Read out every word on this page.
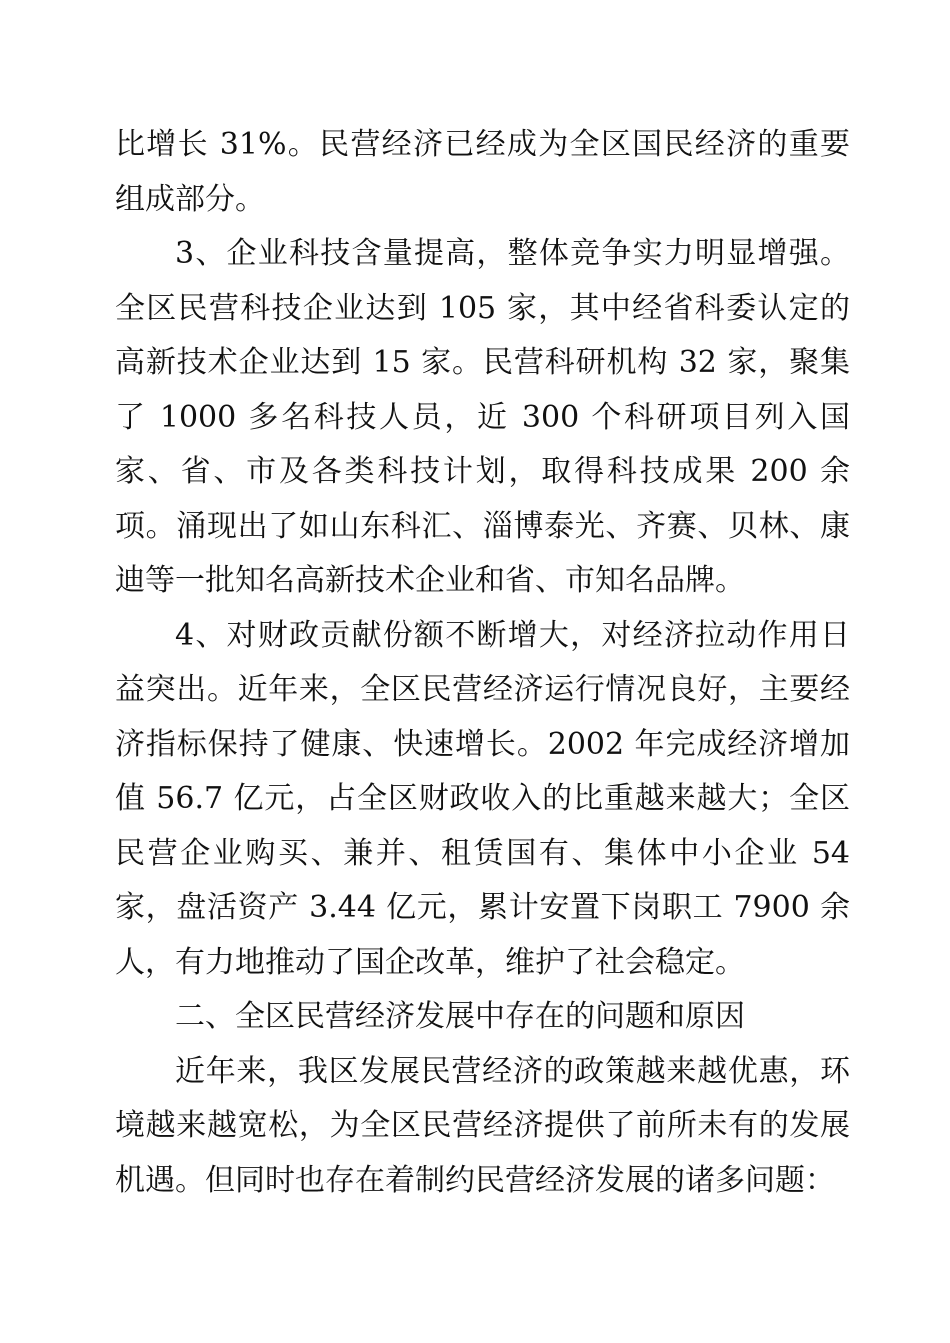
比增长 31%。民营经济已经成为全区国民经济的重要组成部分。

3、企业科技含量提高，整体竞争实力明显增强。全区民营科技企业达到 105 家，其中经省科委认定的高新技术企业达到 15 家。民营科研机构 32 家，聚集了 1000 多名科技人员，近 300 个科研项目列入国家、省、市及各类科技计划，取得科技成果 200 余项。涌现出了如山东科汇、淄博泰光、齐赛、贝林、康迪等一批知名高新技术企业和省、市知名品牌。

4、对财政贡献份额不断增大，对经济拉动作用日益突出。近年来，全区民营经济运行情况良好，主要经济指标保持了健康、快速增长。2002 年完成经济增加值 56.7 亿元，占全区财政收入的比重越来越大；全区民营企业购买、兼并、租赁国有、集体中小企业 54 家，盘活资产 3.44 亿元，累计安置下岗职工 7900 余人，有力地推动了国企改革，维护了社会稳定。

二、全区民营经济发展中存在的问题和原因

近年来，我区发展民营经济的政策越来越优惠，环境越来越宽松，为全区民营经济提供了前所未有的发展机遇。但同时也存在着制约民营经济发展的诸多问题：
